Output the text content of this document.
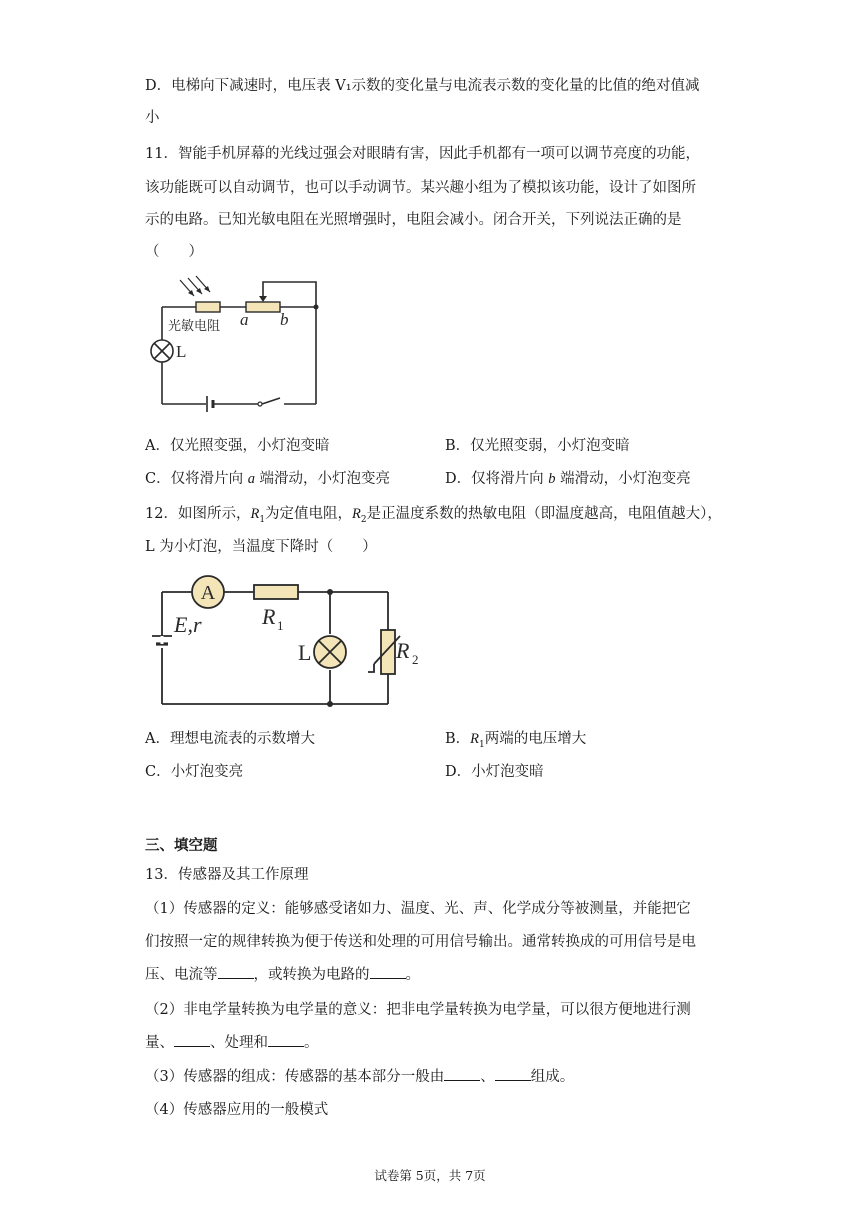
D．电梯向下减速时，电压表 V₁示数的变化量与电流表示数的变化量的比值的绝对值减
小
11．智能手机屏幕的光线过强会对眼睛有害，因此手机都有一项可以调节亮度的功能，
该功能既可以自动调节，也可以手动调节。某兴趣小组为了模拟该功能，设计了如图所
示的电路。已知光敏电阻在光照增强时，电阻会减小。闭合开关，下列说法正确的是
（　　）
光敏电阻 a b
L
A．仅光照变强，小灯泡变暗	B．仅光照变弱，小灯泡变暗
C．仅将滑片向 a 端滑动，小灯泡变亮	D．仅将滑片向 b 端滑动，小灯泡变亮
12．如图所示，$R_1$为定值电阻，$R_2$是正温度系数的热敏电阻（即温度越高，电阻值越大），
L 为小灯泡，当温度下降时（　　）
A
E,r	R 1
L	R 2
A．理想电流表的示数增大	B．$R_1$两端的电压增大
C．小灯泡变亮	D．小灯泡变暗
三、填空题
13．传感器及其工作原理
（1）传感器的定义：能够感受诸如力、温度、光、声、化学成分等被测量，并能把它
们按照一定的规律转换为便于传送和处理的可用信号输出。通常转换成的可用信号是电
压、电流等 ，或转换为电路的 。
（2）非电学量转换为电学量的意义：把非电学量转换为电学量，可以很方便地进行测
量、 、处理和 。
（3）传感器的组成：传感器的基本部分一般由 、 组成。
（4）传感器应用的一般模式
试卷第 5页，共 7页
